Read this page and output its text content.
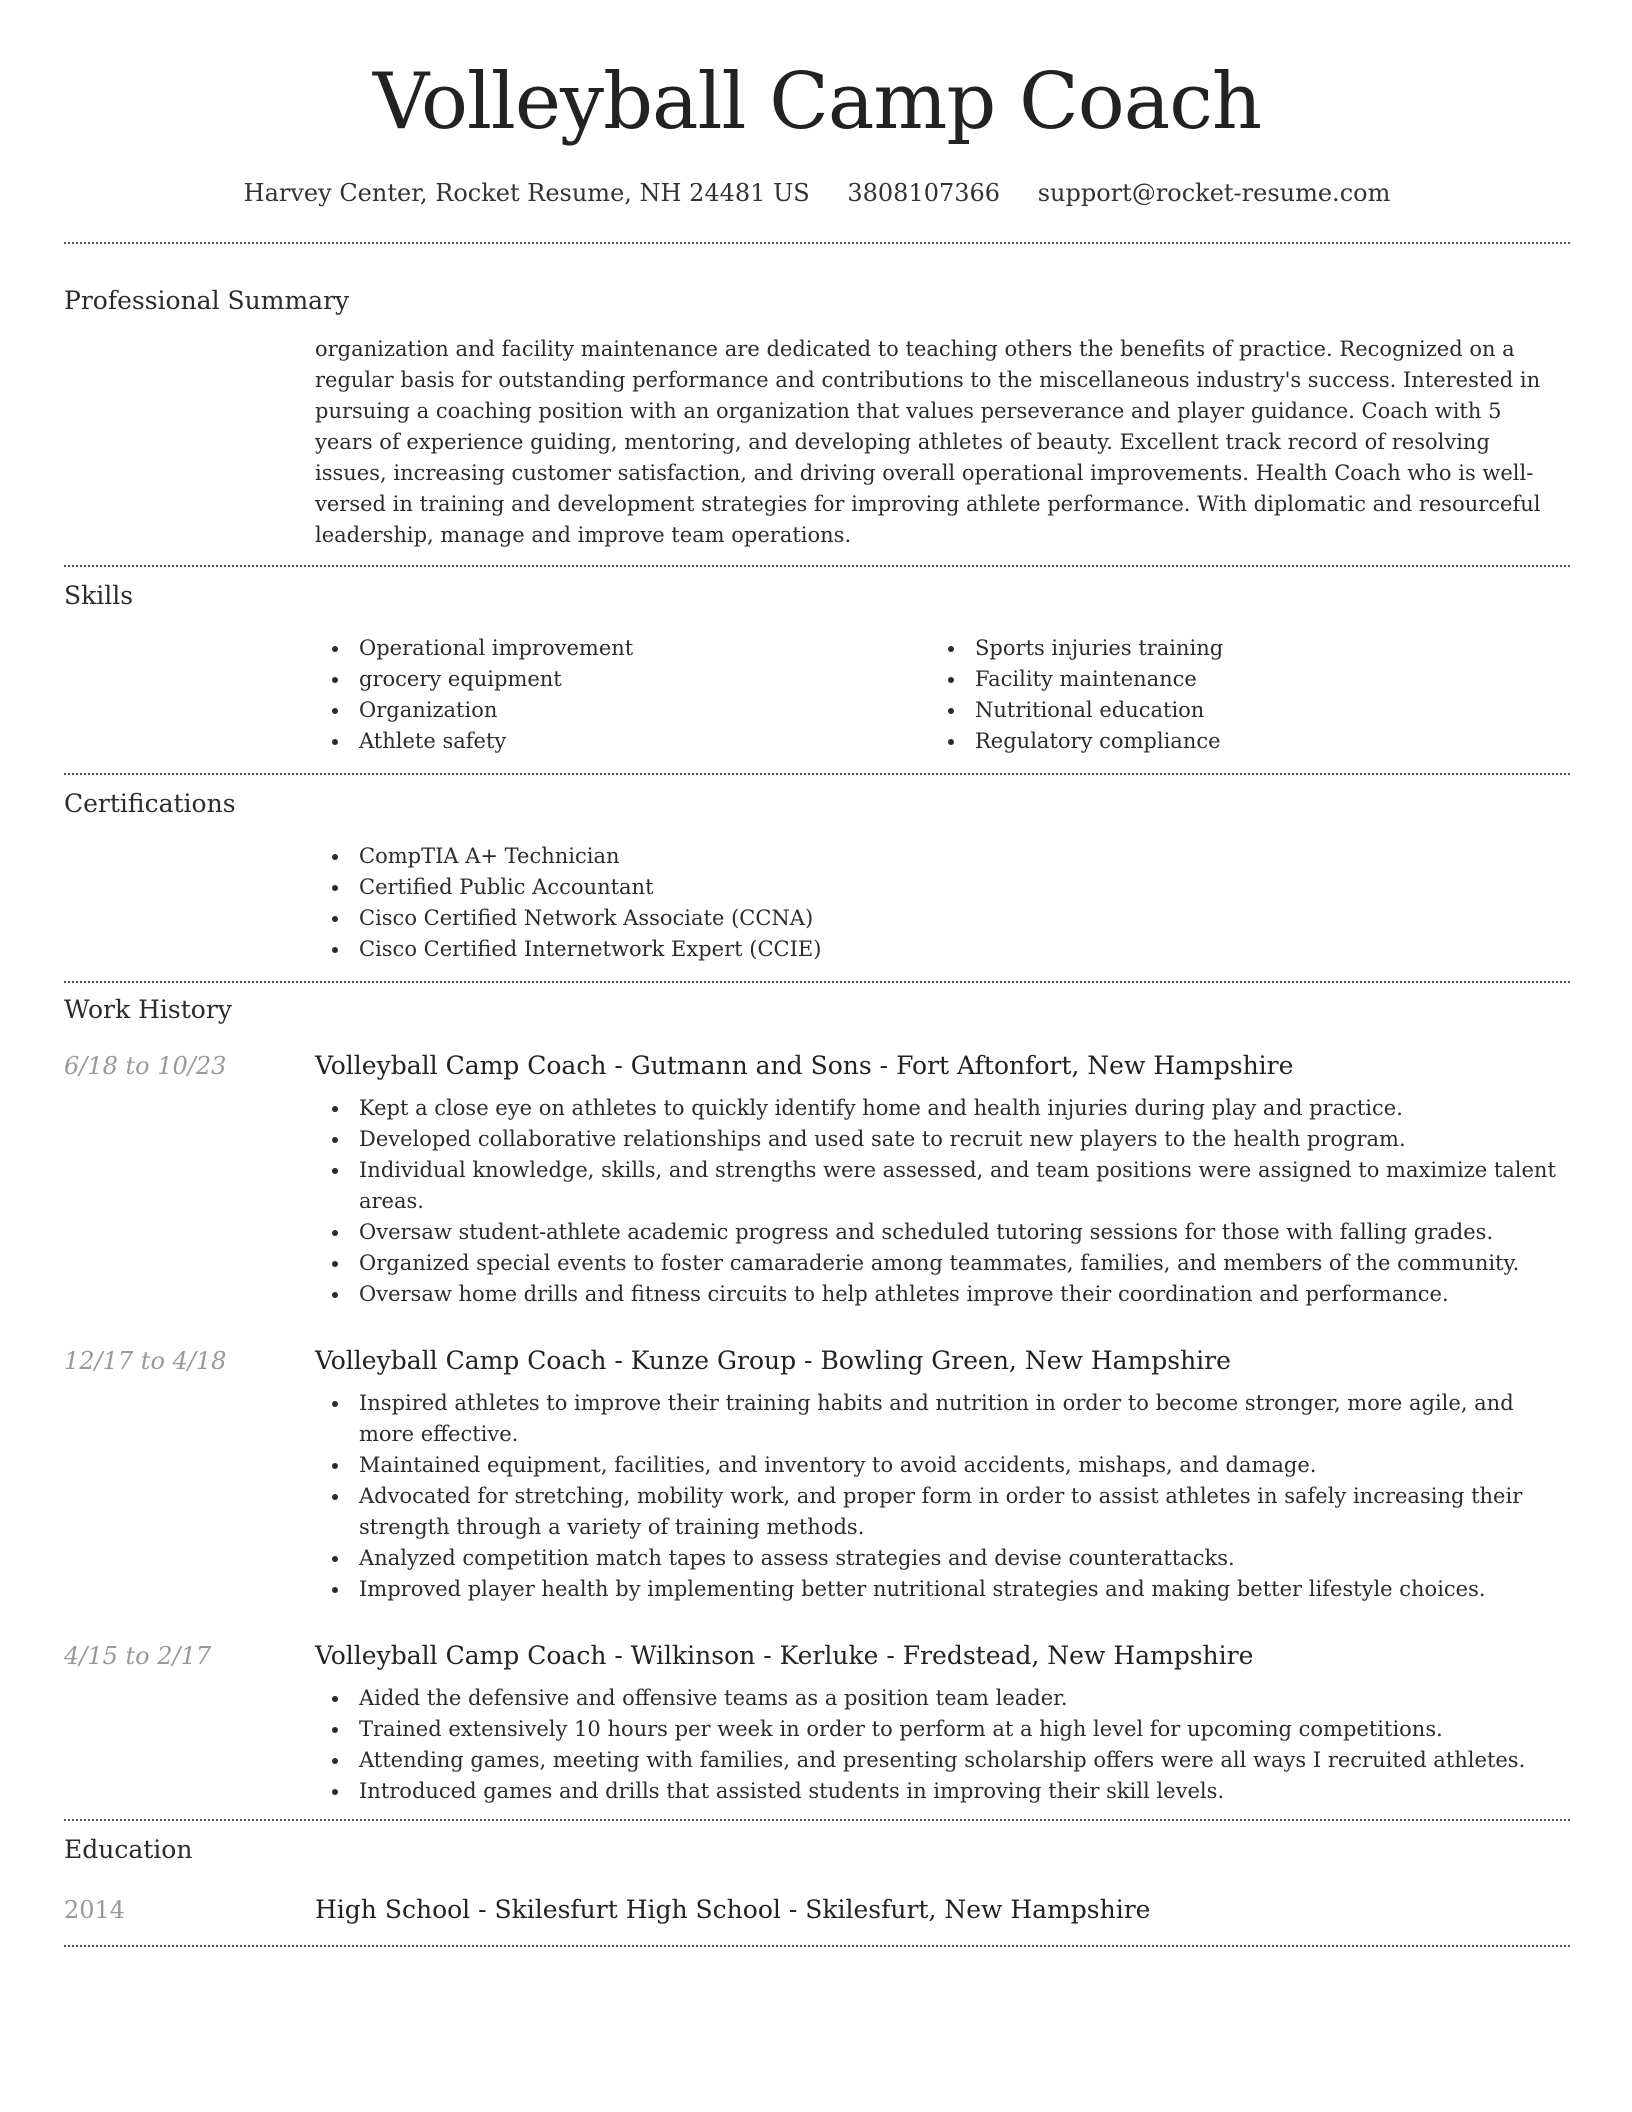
Volleyball Camp Coach
Harvey Center, Rocket Resume, NH 24481 US 3808107366 support@rocket-resume.com
Professional Summary
organization and facility maintenance are dedicated to teaching others the benefits of practice. Recognized on a regular basis for outstanding performance and contributions to the miscellaneous industry's success. Interested in pursuing a coaching position with an organization that values perseverance and player guidance. Coach with 5 years of experience guiding, mentoring, and developing athletes of beauty. Excellent track record of resolving issues, increasing customer satisfaction, and driving overall operational improvements. Health Coach who is well-versed in training and development strategies for improving athlete performance. With diplomatic and resourceful leadership, manage and improve team operations.
Skills
Operational improvement
grocery equipment
Organization
Athlete safety
Sports injuries training
Facility maintenance
Nutritional education
Regulatory compliance
Certifications
CompTIA A+ Technician
Certified Public Accountant
Cisco Certified Network Associate (CCNA)
Cisco Certified Internetwork Expert (CCIE)
Work History
6/18 to 10/23	Volleyball Camp Coach - Gutmann and Sons - Fort Aftonfort, New Hampshire
Kept a close eye on athletes to quickly identify home and health injuries during play and practice.
Developed collaborative relationships and used sate to recruit new players to the health program.
Individual knowledge, skills, and strengths were assessed, and team positions were assigned to maximize talent areas.
Oversaw student-athlete academic progress and scheduled tutoring sessions for those with falling grades.
Organized special events to foster camaraderie among teammates, families, and members of the community.
Oversaw home drills and fitness circuits to help athletes improve their coordination and performance.
12/17 to 4/18	Volleyball Camp Coach - Kunze Group - Bowling Green, New Hampshire
Inspired athletes to improve their training habits and nutrition in order to become stronger, more agile, and more effective.
Maintained equipment, facilities, and inventory to avoid accidents, mishaps, and damage.
Advocated for stretching, mobility work, and proper form in order to assist athletes in safely increasing their strength through a variety of training methods.
Analyzed competition match tapes to assess strategies and devise counterattacks.
Improved player health by implementing better nutritional strategies and making better lifestyle choices.
4/15 to 2/17	Volleyball Camp Coach - Wilkinson - Kerluke - Fredstead, New Hampshire
Aided the defensive and offensive teams as a position team leader.
Trained extensively 10 hours per week in order to perform at a high level for upcoming competitions.
Attending games, meeting with families, and presenting scholarship offers were all ways I recruited athletes.
Introduced games and drills that assisted students in improving their skill levels.
Education
2014	High School - Skilesfurt High School - Skilesfurt, New Hampshire
